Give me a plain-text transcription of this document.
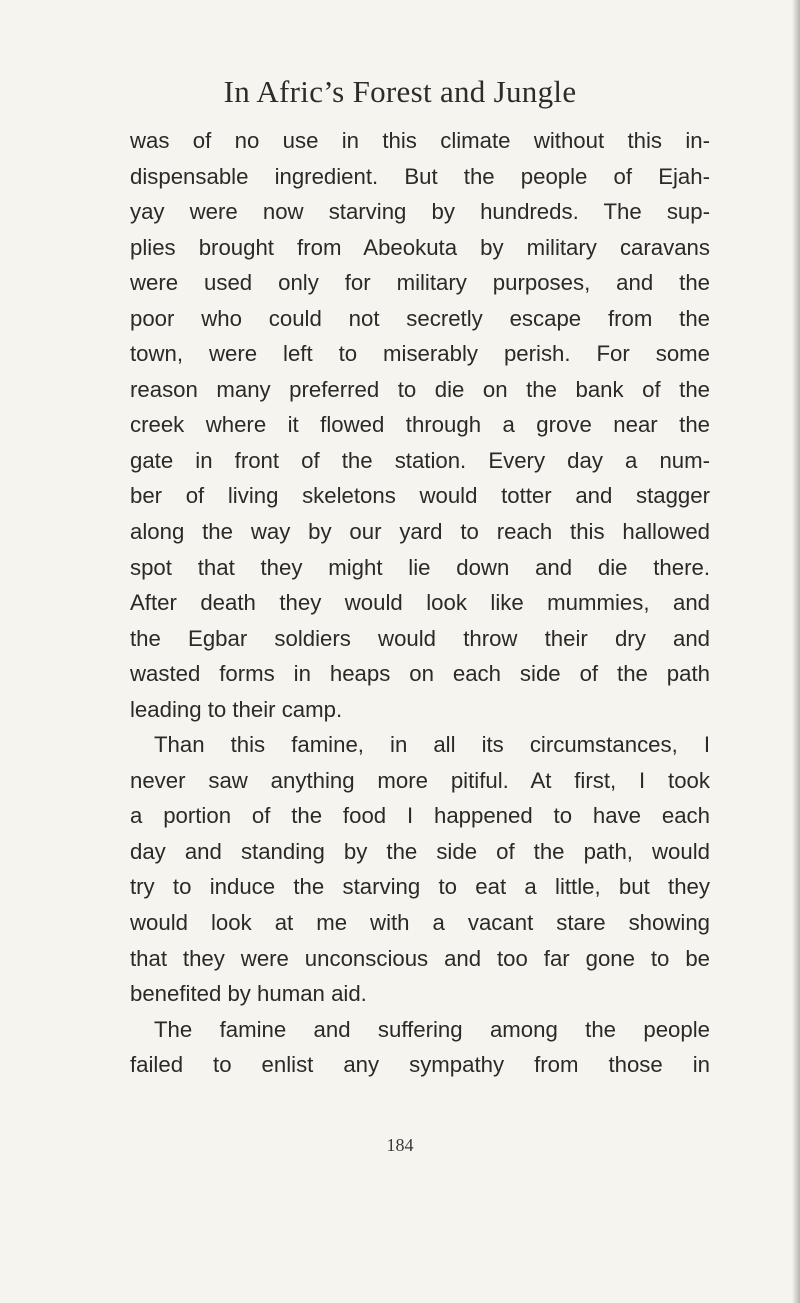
In Afric’s Forest and Jungle
was of no use in this climate without this in-
dispensable ingredient. But the people of Ejah-
yay were now starving by hundreds. The sup-
plies brought from Abeokuta by military caravans
were used only for military purposes, and the
poor who could not secretly escape from the
town, were left to miserably perish. For some
reason many preferred to die on the bank of the
creek where it flowed through a grove near the
gate in front of the station. Every day a num-
ber of living skeletons would totter and stagger
along the way by our yard to reach this hallowed
spot that they might lie down and die there.
After death they would look like mummies, and
the Egbar soldiers would throw their dry and
wasted forms in heaps on each side of the path
leading to their camp.
Than this famine, in all its circumstances, I
never saw anything more pitiful. At first, I took
a portion of the food I happened to have each
day and standing by the side of the path, would
try to induce the starving to eat a little, but they
would look at me with a vacant stare showing
that they were unconscious and too far gone to be
benefited by human aid.
The famine and suffering among the people
failed to enlist any sympathy from those in
184
